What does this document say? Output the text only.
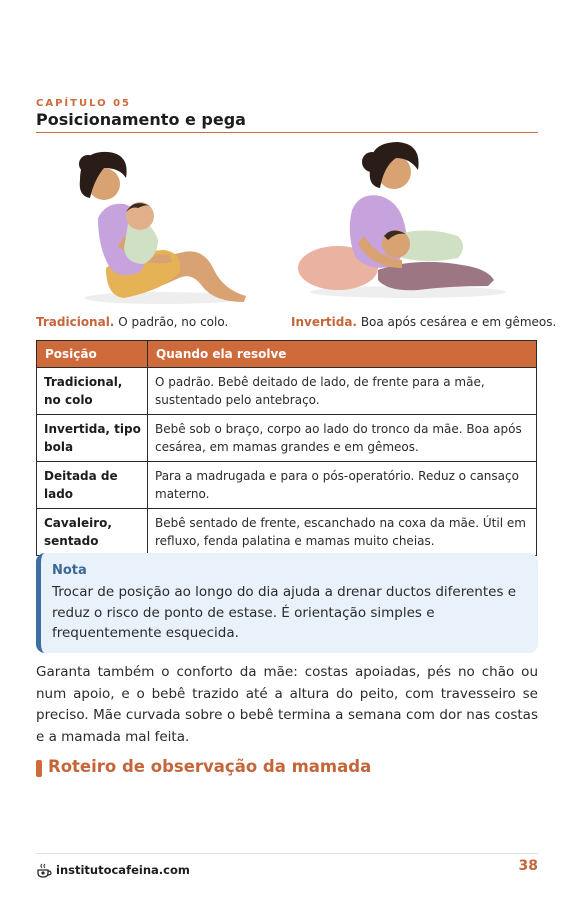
CAPÍTULO 05
Posicionamento e pega
Tradicional. O padrão, no colo.	Invertida. Boa após cesárea e em gêmeos.
Posição	Quando ela resolve
Tradicional, no colo	O padrão. Bebê deitado de lado, de frente para a mãe, sustentado pelo antebraço.
Invertida, tipo bola	Bebê sob o braço, corpo ao lado do tronco da mãe. Boa após cesárea, em mamas grandes e em gêmeos.
Deitada de lado	Para a madrugada e para o pós-operatório. Reduz o cansaço materno.
Cavaleiro, sentado	Bebê sentado de frente, escanchado na coxa da mãe. Útil em refluxo, fenda palatina e mamas muito cheias.
Nota
Trocar de posição ao longo do dia ajuda a drenar ductos diferentes e reduz o risco de ponto de estase. É orientação simples e frequentemente esquecida.

Garanta também o conforto da mãe: costas apoiadas, pés no chão ou num apoio, e o bebê trazido até a altura do peito, com travesseiro se preciso. Mãe curvada sobre o bebê termina a semana com dor nas costas e a mamada mal feita.

Roteiro de observação da mamada
institutocafeina.com	38
